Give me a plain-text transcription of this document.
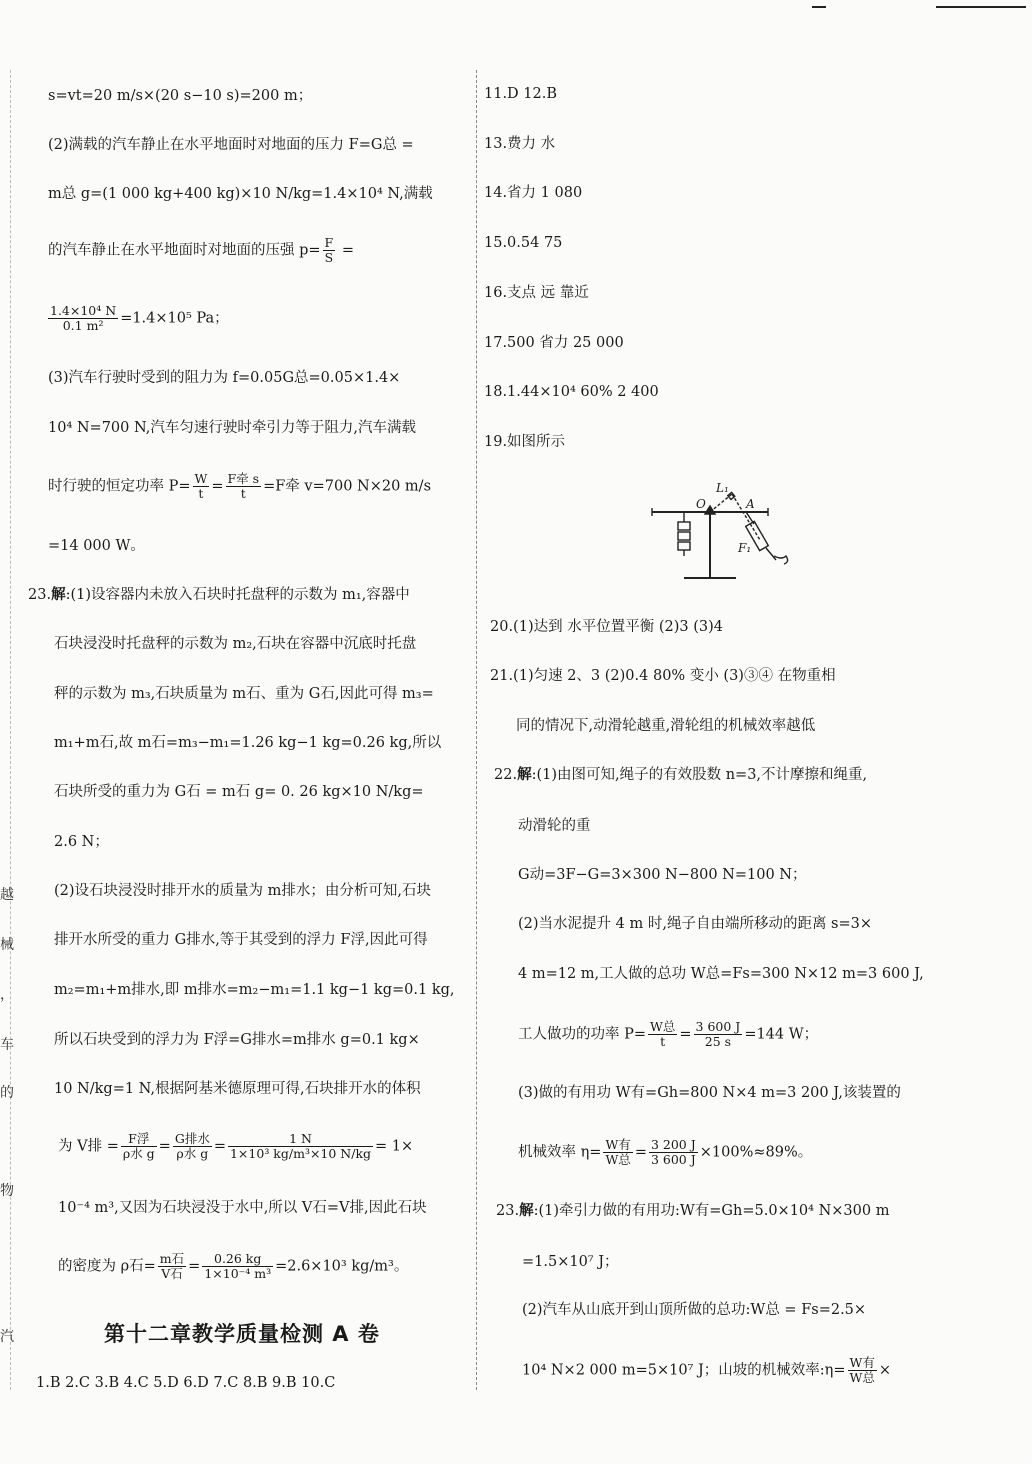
越
械
，
车
的
物
汽
s=vt=20 m/s×(20 s−10 s)=200 m；
(2)满载的汽车静止在水平地面时对地面的压力 F=G总 =
m总 g=(1 000 kg+400 kg)×10 N/kg=1.4×10⁴ N,满载
的汽车静止在水平地面时对地面的压强 $p= \frac{F}{S}$ =
$\frac{\text{1.4×10⁴ N}}{\text{0.1 m²}} =1.4\times 10^5$ Pa；
(3)汽车行驶时受到的阻力为 f=0.05G总=0.05×1.4×
10⁴ N=700 N,汽车匀速行驶时牵引力等于阻力,汽车满载
时行驶的恒定功率 $P= \frac{W}{t} = \frac{\text{F牵 s}}{t} =F$牵 v=700 N×20 m/s
=14 000 W。
23.解:(1)设容器内未放入石块时托盘秤的示数为 m₁,容器中
石块浸没时托盘秤的示数为 m₂,石块在容器中沉底时托盘
秤的示数为 m₃,石块质量为 m石、重为 G石,因此可得 m₃=
m₁+m石,故 m石=m₃−m₁=1.26 kg−1 kg=0.26 kg,所以
石块所受的重力为 G石 = m石 g= 0. 26 kg×10 N/kg=
2.6 N；
(2)设石块浸没时排开水的质量为 m排水；由分析可知,石块
排开水所受的重力 G排水,等于其受到的浮力 F浮,因此可得
m₂=m₁+m排水,即 m排水=m₂−m₁=1.1 kg−1 kg=0.1 kg,
所以石块受到的浮力为 F浮=G排水=m排水 g=0.1 kg×
10 N/kg=1 N,根据阿基米德原理可得,石块排开水的体积
为 V排 = $\frac{\text{F浮}}{\text{ρ水 g}} = \frac{\text{G排水}}{\text{ρ水 g}} = \frac{1 N}{\text{1×10³ kg/m³×10 N/kg}} = 1\times$
10⁻⁴ m³,又因为石块浸没于水中,所以 V石=V排,因此石块
的密度为 ρ石= $\frac{\text{m石}}{\text{V石}} = \frac{0.26 kg}{\text{1×10⁻⁴ m³}} =2.6\times 10^3$ kg/m³。
第十二章教学质量检测 A 卷
1.B 2.C 3.B 4.C 5.D 6.D 7.C 8.B 9.B 10.C
11.D 12.B
13.费力 水
14.省力 1 080
15.0.54 75
16.支点 远 靠近
17.500 省力 25 000
18.1.44×10⁴ 60% 2 400
19.如图所示
L₁
O	A
F₁
20.(1)达到 水平位置平衡 (2)3 (3)4
21.(1)匀速 2、3 (2)0.4 80% 变小 (3)③④ 在物重相
同的情况下,动滑轮越重,滑轮组的机械效率越低
22.解:(1)由图可知,绳子的有效股数 n=3,不计摩擦和绳重,
动滑轮的重
G动=3F−G=3×300 N−800 N=100 N；
(2)当水泥提升 4 m 时,绳子自由端所移动的距离 s=3×
4 m=12 m,工人做的总功 W总=Fs=300 N×12 m=3 600 J,
工人做功的功率 $P= \frac{\text{W总}}{t} = \frac{3 600 J}{25 s} =144$ W；
(3)做的有用功 W有=Gh=800 N×4 m=3 200 J,该装置的
机械效率 $\eta= \frac{\text{W有}}{\text{W总}} = \frac{3 200 J}{3 600 J} \times 100\%\approx 89\%$。
23.解:(1)牵引力做的有用功:W有=Gh=5.0×10⁴ N×300 m
=1.5×10⁷ J；
(2)汽车从山底开到山顶所做的总功:W总 = Fs=2.5×
10⁴ N×2 000 m=5×10⁷ J；山坡的机械效率:η= $\frac{\text{W有}}{\text{W总}}$ ×
